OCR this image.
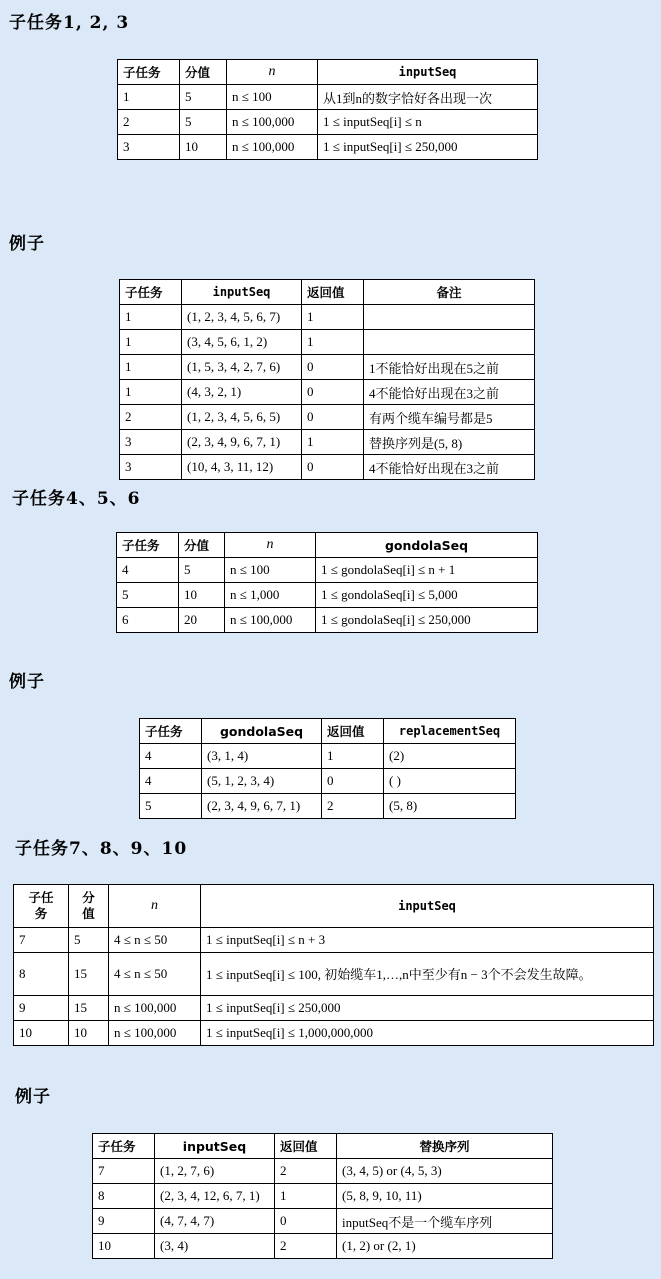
子任务1, 2, 3
子任务	分值	n	inputSeq
1	5	n ≤ 100	从1到n的数字恰好各出现一次
2	5	n ≤ 100,000	1 ≤ inputSeq[i] ≤ n
3	10	n ≤ 100,000	1 ≤ inputSeq[i] ≤ 250,000
例子
子任务	inputSeq	返回值	备注
1	(1, 2, 3, 4, 5, 6, 7)	1	
1	(3, 4, 5, 6, 1, 2)	1	
1	(1, 5, 3, 4, 2, 7, 6)	0	1不能恰好出现在5之前
1	(4, 3, 2, 1)	0	4不能恰好出现在3之前
2	(1, 2, 3, 4, 5, 6, 5)	0	有两个缆车编号都是5
3	(2, 3, 4, 9, 6, 7, 1)	1	替换序列是(5, 8)
3	(10, 4, 3, 11, 12)	0	4不能恰好出现在3之前
子任务4、5、6
子任务	分值	n	gondolaSeq
4	5	n ≤ 100	1 ≤ gondolaSeq[i] ≤ n + 1
5	10	n ≤ 1,000	1 ≤ gondolaSeq[i] ≤ 5,000
6	20	n ≤ 100,000	1 ≤ gondolaSeq[i] ≤ 250,000
例子
子任务	gondolaSeq	返回值	replacementSeq
4	(3, 1, 4)	1	(2)
4	(5, 1, 2, 3, 4)	0	( )
5	(2, 3, 4, 9, 6, 7, 1)	2	(5, 8)
子任务7、8、9、10
子任务	分值	n	inputSeq
7	5	4 ≤ n ≤ 50	1 ≤ inputSeq[i] ≤ n + 3
8	15	4 ≤ n ≤ 50	1 ≤ inputSeq[i] ≤ 100, 初始缆车1,…,n中至少有n − 3个不会发生故障。
9	15	n ≤ 100,000	1 ≤ inputSeq[i] ≤ 250,000
10	10	n ≤ 100,000	1 ≤ inputSeq[i] ≤ 1,000,000,000
例子
子任务	inputSeq	返回值	替换序列
7	(1, 2, 7, 6)	2	(3, 4, 5) or (4, 5, 3)
8	(2, 3, 4, 12, 6, 7, 1)	1	(5, 8, 9, 10, 11)
9	(4, 7, 4, 7)	0	inputSeq不是一个缆车序列
10	(3, 4)	2	(1, 2) or (2, 1)
